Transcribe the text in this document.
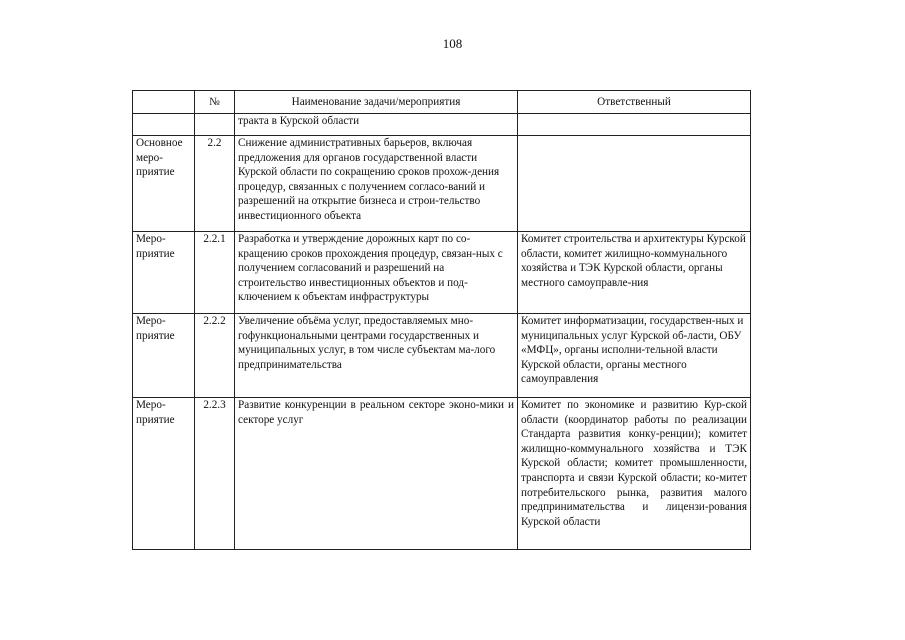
108
	№	Наименование задачи/мероприятия	Ответственный
		тракта в Курской области	
Основное меро-приятие	2.2	Снижение административных барьеров, включая предложения для органов государственной власти Курской области по сокращению сроков прохож-дения процедур, связанных с получением согласо-ваний и разрешений на открытие бизнеса и строи-тельство инвестиционного объекта	
Меро-приятие	2.2.1	Разработка и утверждение дорожных карт по со-кращению сроков прохождения процедур, связан-ных с получением согласований и разрешений на строительство инвестиционных объектов и под-ключением к объектам инфраструктуры	Комитет строительства и архитектуры Курской области, комитет жилищно-коммунального хозяйства и ТЭК Курской области, органы местного самоуправле-ния
Меро-приятие	2.2.2	Увеличение объёма услуг, предоставляемых мно-гофункциональными центрами государственных и муниципальных услуг, в том числе субъектам ма-лого предпринимательства	Комитет информатизации, государствен-ных и муниципальных услуг Курской об-ласти, ОБУ «МФЦ», органы исполни-тельной власти Курской области, органы местного самоуправления
Меро-приятие	2.2.3	Развитие конкуренции в реальном секторе эконо-мики и секторе услуг	Комитет по экономике и развитию Кур-ской области (координатор работы по реализации Стандарта развития конку-ренции); комитет жилищно-коммунального хозяйства и ТЭК Курской области; комитет промышленности, транспорта и связи Курской области; ко-митет потребительского рынка, развития малого предпринимательства и лицензи-рования Курской области
